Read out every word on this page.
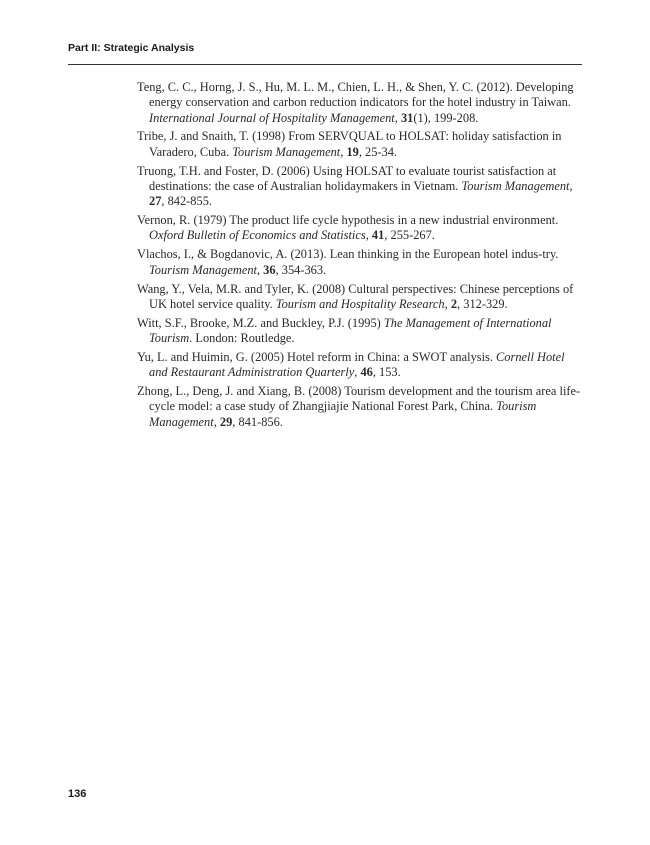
Part II: Strategic Analysis

Teng, C. C., Horng, J. S., Hu, M. L. M., Chien, L. H., & Shen, Y. C. (2012). Developing energy conservation and carbon reduction indicators for the hotel industry in Taiwan. International Journal of Hospitality Management, 31(1), 199-208.

Tribe, J. and Snaith, T. (1998) From SERVQUAL to HOLSAT: holiday satisfaction in Varadero, Cuba. Tourism Management, 19, 25-34.

Truong, T.H. and Foster, D. (2006) Using HOLSAT to evaluate tourist satisfaction at destinations: the case of Australian holidaymakers in Vietnam. Tourism Management, 27, 842-855.

Vernon, R. (1979) The product life cycle hypothesis in a new industrial environment. Oxford Bulletin of Economics and Statistics, 41, 255-267.

Vlachos, I., & Bogdanovic, A. (2013). Lean thinking in the European hotel indus-try. Tourism Management, 36, 354-363.

Wang, Y., Vela, M.R. and Tyler, K. (2008) Cultural perspectives: Chinese perceptions of UK hotel service quality. Tourism and Hospitality Research, 2, 312-329.

Witt, S.F., Brooke, M.Z. and Buckley, P.J. (1995) The Management of International Tourism. London: Routledge.

Yu, L. and Huimin, G. (2005) Hotel reform in China: a SWOT analysis. Cornell Hotel and Restaurant Administration Quarterly, 46, 153.

Zhong, L., Deng, J. and Xiang, B. (2008) Tourism development and the tourism area life-cycle model: a case study of Zhangjiajie National Forest Park, China. Tourism Management, 29, 841-856.

136
